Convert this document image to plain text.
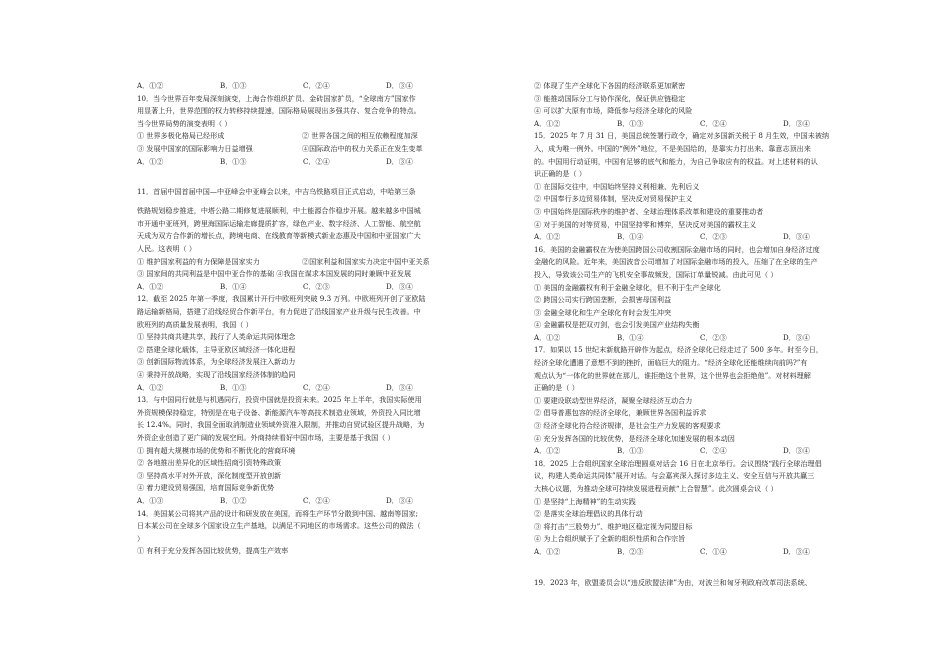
A．①②	B．①③	C．②④	D．③④
10．当今世界百年变局深刻演变，上海合作组织扩员、金砖国家扩员，“全球南方”国家作
用显著上升，世界范围的权力转移持续提速，国际格局展现出多强共存、复合竞争的特点。
当今世界局势的演变表明（ ）
① 世界多极化格局已经形成	② 世界各国之间的相互依赖程度加深
③ 发展中国家的国际影响力日益增强	④国际政治中的权力关系正在发生变革
A．①②	B．①③	C．②④	D．③④
11．首届中国首届中国—中亚峰会中亚峰会以来，中吉乌铁路项目正式启动，中哈第三条
铁路规划稳步推进，中塔公路二期修复进展顺利，中土能源合作稳步开展。越来越多中国城
市开通中亚班列，跨里海国际运输走廊提质扩容，绿色产业、数字经济、人工智能、航空航
天成为双方合作新的增长点，跨境电商、在线教育等新模式新业态惠及中国和中亚国家广大
人民。这表明（ ）
① 维护国家利益的有力保障是国家实力	②国家利益和国家实力决定中国中亚关系
③ 国家间的共同利益是中国中亚合作的基础 ④我国在谋求本国发展的同时兼顾中亚发展
A．①②	B．①④	C．②③	D．③④
12．截至 2025 年第一季度，我国累计开行中欧班列突破 9.3 万列。中欧班列开创了亚欧陆
路运输新格局，搭建了沿线经贸合作新平台，有力促进了沿线国家产业升级与民生改善。中
欧班列的高质量发展表明，我国（ ）
① 坚持共商共建共享，践行了人类命运共同体理念
② 搭建全球化载体，主导亚欧区域经济一体化进程
③ 创新国际物流体系，为全球经济发展注入新动力
④ 秉持开放战略，实现了沿线国家经济体制的趋同
A．①②	B．①③	C．②④	D．③④
13．与中国同行就是与机遇同行，投资中国就是投资未来。2025 年上半年，我国实际使用
外资规模保持稳定，特别是在电子设备、新能源汽车等高技术制造业领域，外资投入同比增
长 12.4%。同时，我国全面取消制造业领域外资准入限制，并推动自贸试验区提升战略，为
外资企业创造了更广阔的发展空间。外商持续看好中国市场，主要是基于我国（ ）
① 拥有超大规模市场的优势和不断优化的营商环境
② 各地推出差异化的区域性招商引资特殊政策
③ 坚持高水平对外开放，深化制度型开放创新
④ 着力建设贸易强国，培育国际竞争新优势
A．①③	B．①②	C．②④	D．③④
14．美国某公司将其产品的设计和研发放在美国，而将生产环节分散到中国、越南等国家;
日本某公司在全球多个国家设立生产基地，以满足不同地区的市场需求。这些公司的做法（
）
① 有利于充分发挥各国比较优势，提高生产效率
② 体现了生产全球化下各国的经济联系更加紧密
③ 能推动国际分工与协作深化，保证供应链稳定
④ 可以扩大原有市场，降低参与经济全球化的风险
A．①②	B．①③	C．②④	D．③④
15．2025 年 7 月 31 日，美国总统签署行政令，确定对多国新关税于 8 月生效，中国未被纳
入，成为唯一例外。中国的“例外”地位，不是美国给的，是靠实力打出来、靠意志顶出来
的。中国用行动证明，中国有足够的底气和能力，为自己争取应有的权益。对上述材料的认
识正确的是（ ）
① 在国际交往中，中国始终坚持义利相兼、先利后义
② 中国奉行多边贸易体制，坚决反对贸易保护主义
③ 中国始终是国际秩序的维护者、全球治理体系改革和建设的重要推动者
④ 对于美国的对等贸易，中国坚持零和博弈，坚决反对美国的霸权主义
A．①②	B．①④	C．②③	D．③④
16．美国的金融霸权在为使美国跨国公司收割国际金融市场的同时，也会增加自身经济过度
金融化的风险。近年来，美国波音公司增加了对国际金融市场的投入，压缩了在全球的生产
投入，导致该公司生产的飞机安全事故频发，国际订单量锐减。由此可见（ ）
① 美国的金融霸权有利于金融全球化，但不利于生产全球化
② 跨国公司实行跨国垄断，会损害母国利益
③ 金融全球化和生产全球化有时会发生冲突
④ 金融霸权是把双刃剑，也会引发美国产业结构失衡
A．①②	B．①④	C．②③	D．③④
17．如果以 15 世纪末新航路开辟作为起点，经济全球化已经走过了 500 多年。时至今日，
经济全球化遭遇了意想不到的挫折，面临巨大的阻力。“经济全球化还能维续向前吗?”有
观点认为“一体化的世界就在那儿，谁拒绝这个世界，这个世界也会拒绝他”。对材料理解
正确的是（ ）
① 要建设联动型世界经济，凝聚全球经济互动合力
② 倡导普惠包容的经济全球化，兼顾世界各国利益诉求
③ 经济全球化符合经济规律，是社会生产力发展的客观要求
④ 充分发挥各国的比较优势，是经济全球化加速发展的根本动因
A．①②	B．①③	C．②④	D．③④
18．2025 上合组织国家全球治理圆桌对话会 16 日在北京举行。会议围绕“践行全球治理倡
议，构建人类命运共同体”展开对话。与会嘉宾深入探讨多边主义、安全互信与开放共赢三
大核心议题，为推动全球可持续发展进程贡献“上合智慧”。此次圆桌会议（ ）
① 是坚持“上海精神”的生动实践
② 是落实全球治理倡议的具体行动
③ 将打击“三股势力”、维护地区稳定视为同盟目标
④ 为上合组织赋予了全新的组织性质和合作宗旨
A．①②	B．②③	C．①④	D．③④
19．2023 年，欧盟委员会以“违反欧盟法律”为由，对波兰和匈牙利政府改革司法系统、
